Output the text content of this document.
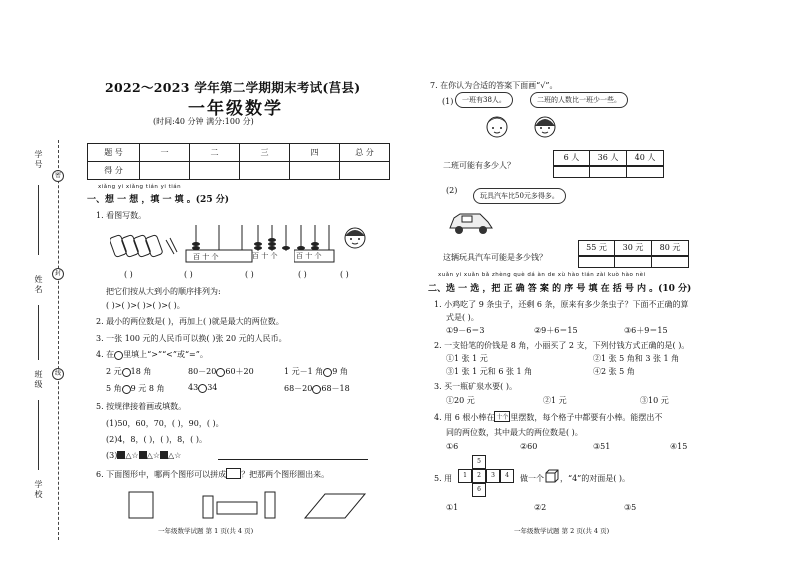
学号
姓名
班级
学校
密
封
线
2022～2023 学年第二学期期末考试(莒县)
一年级数学
(时间:40 分钟 满分:100 分)
题 号	一	二	三	四	总 分
得 分					
xiǎng yi xiǎng tián yi tián
一、想 一 想 ，填 一 填 。(25 分)
1. 看图写数。
百 十 个	百 十 个	百 十 个
( )	( )	( )	( )	( )
把它们按从大到小的顺序排列为:
( )>( )>( )>( )>( )。
2. 最小的两位数是( )，再加上( )就是最大的两位数。
3. 一张 100 元的人民币可以换( )张 20 元的人民币。
4. 在 里填上“>”“<”或“=”。
2 元 18 角	80－20 60＋20	1 元－1 角 9 角
5 角 9 元 8 角	43 34	68－20 68－18
5. 按规律接着画或填数。
(1)50，60，70，( )，90，( )。
(2)4，8，( )，( )，8，( )。
(3) △☆ △☆ △☆
6. 下面图形中，哪两个图形可以拼成 ？把那两个图形圈出来。
一年级数学试题 第 1 页(共 4 页)
7. 在你认为合适的答案下面画“√”。
(1)	一班有38人。	二班的人数比一班少一些。
二班可能有多少人？
6 人	36 人	40 人
(2)
玩具汽车比50元多得多。
这辆玩具汽车可能是多少钱？
55 元	30 元	80 元
xuǎn yi xuǎn bǎ zhèng què dá àn de xù hào tián zài kuò hào nèi
二、选 一 选 ，把 正 确 答 案 的 序 号 填 在 括 号 内 。(10 分)
1. 小鸡吃了 9 条虫子，还剩 6 条，原来有多少条虫子？下面不正确的算
式是( )。
①9－6＝3	②9＋6＝15	③6＋9＝15
2. 一支铅笔的价钱是 8 角，小丽买了 2 支，下列付钱方式正确的是( )。
①1 张 1 元	②1 张 5 角和 3 张 1 角
③1 张 1 元和 6 张 1 角	④2 张 5 角
3. 买一瓶矿泉水要( )。
①20 元	②1 元	③10 元
4. 用 6 根小棒在 十个 里摆数，每个格子中都要有小棒。能摆出不
同的两位数，其中最大的两位数是( )。
①6	②60	③51	④15
5. 用
5
1	2	3	4
6
做一个 ，“4”的对面是( )。
①1	②2	③5
一年级数学试题 第 2 页(共 4 页)
